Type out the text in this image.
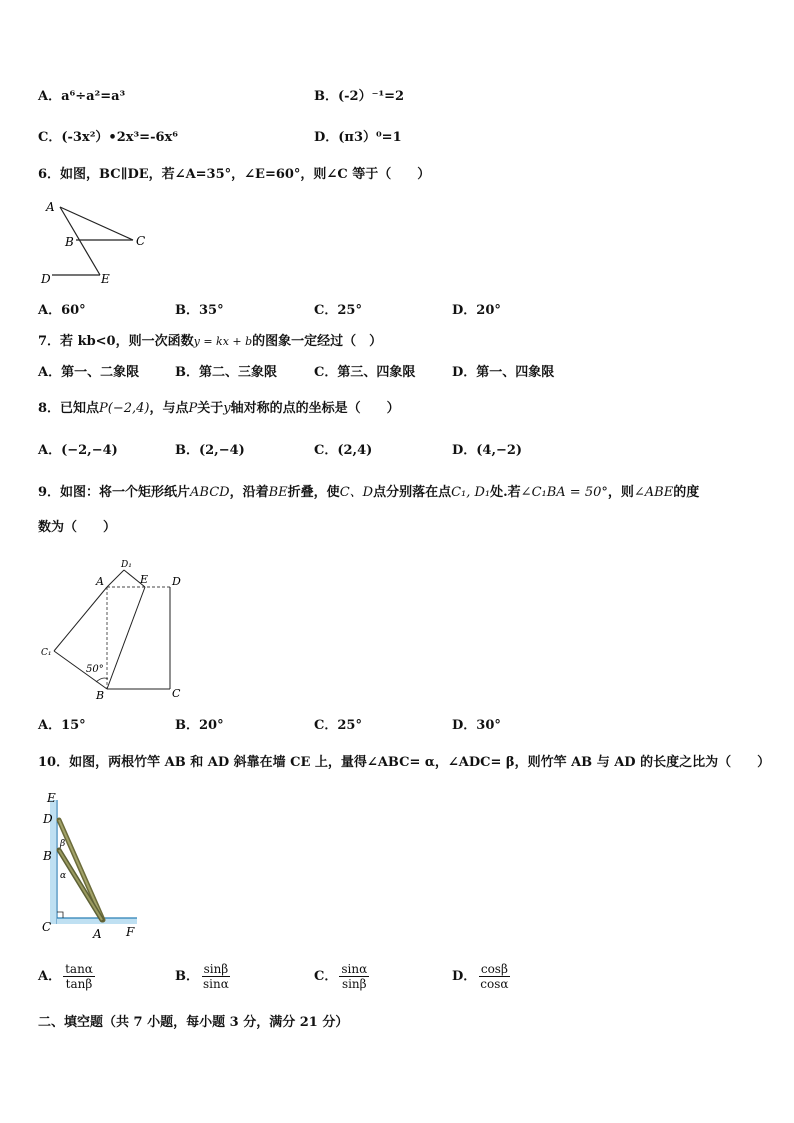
A．a⁶÷a²=a³	B．(-2）⁻¹=2
C．(-3x²）•2x³=-6x⁶	D．(π3）⁰=1
6．如图，BC∥DE，若∠A=35°，∠E=60°，则∠C 等于（　　）
A
B	C
D	E
A．60°	B．35°	C．25°	D．20°
7．若 kb<0，则一次函数y = kx + b的图象一定经过（　）
A．第一、二象限	B．第二、三象限	C．第三、四象限	D．第一、四象限
8．已知点P(−2,4)，与点P关于y轴对称的点的坐标是（　　）
A．(−2,−4)	B．(2,−4)	C．(2,4)	D．(4,−2)
9．如图：将一个矩形纸片ABCD，沿着BE折叠，使C、D点分别落在点C₁, D₁处.若∠C₁BA = 50°，则∠ABE的度
数为（　　）
A
D₁
E D
C₁
50°
B	C
A．15°	B．20°	C．25°	D．30°
10．如图，两根竹竿 AB 和 AD 斜靠在墙 CE 上，量得∠ABC= α，∠ADC= β，则竹竿 AB 与 AD 的长度之比为（　　）
E
D
B
C	A F
β
α
A． $\frac{\tan\alpha}{\tan\beta}$	B． $\frac{\sin\beta}{\sin\alpha}$	C． $\frac{\sin\alpha}{\sin\beta}$	D． $\frac{\cos\beta}{\cos\alpha}$
二、填空题（共 7 小题，每小题 3 分，满分 21 分）
